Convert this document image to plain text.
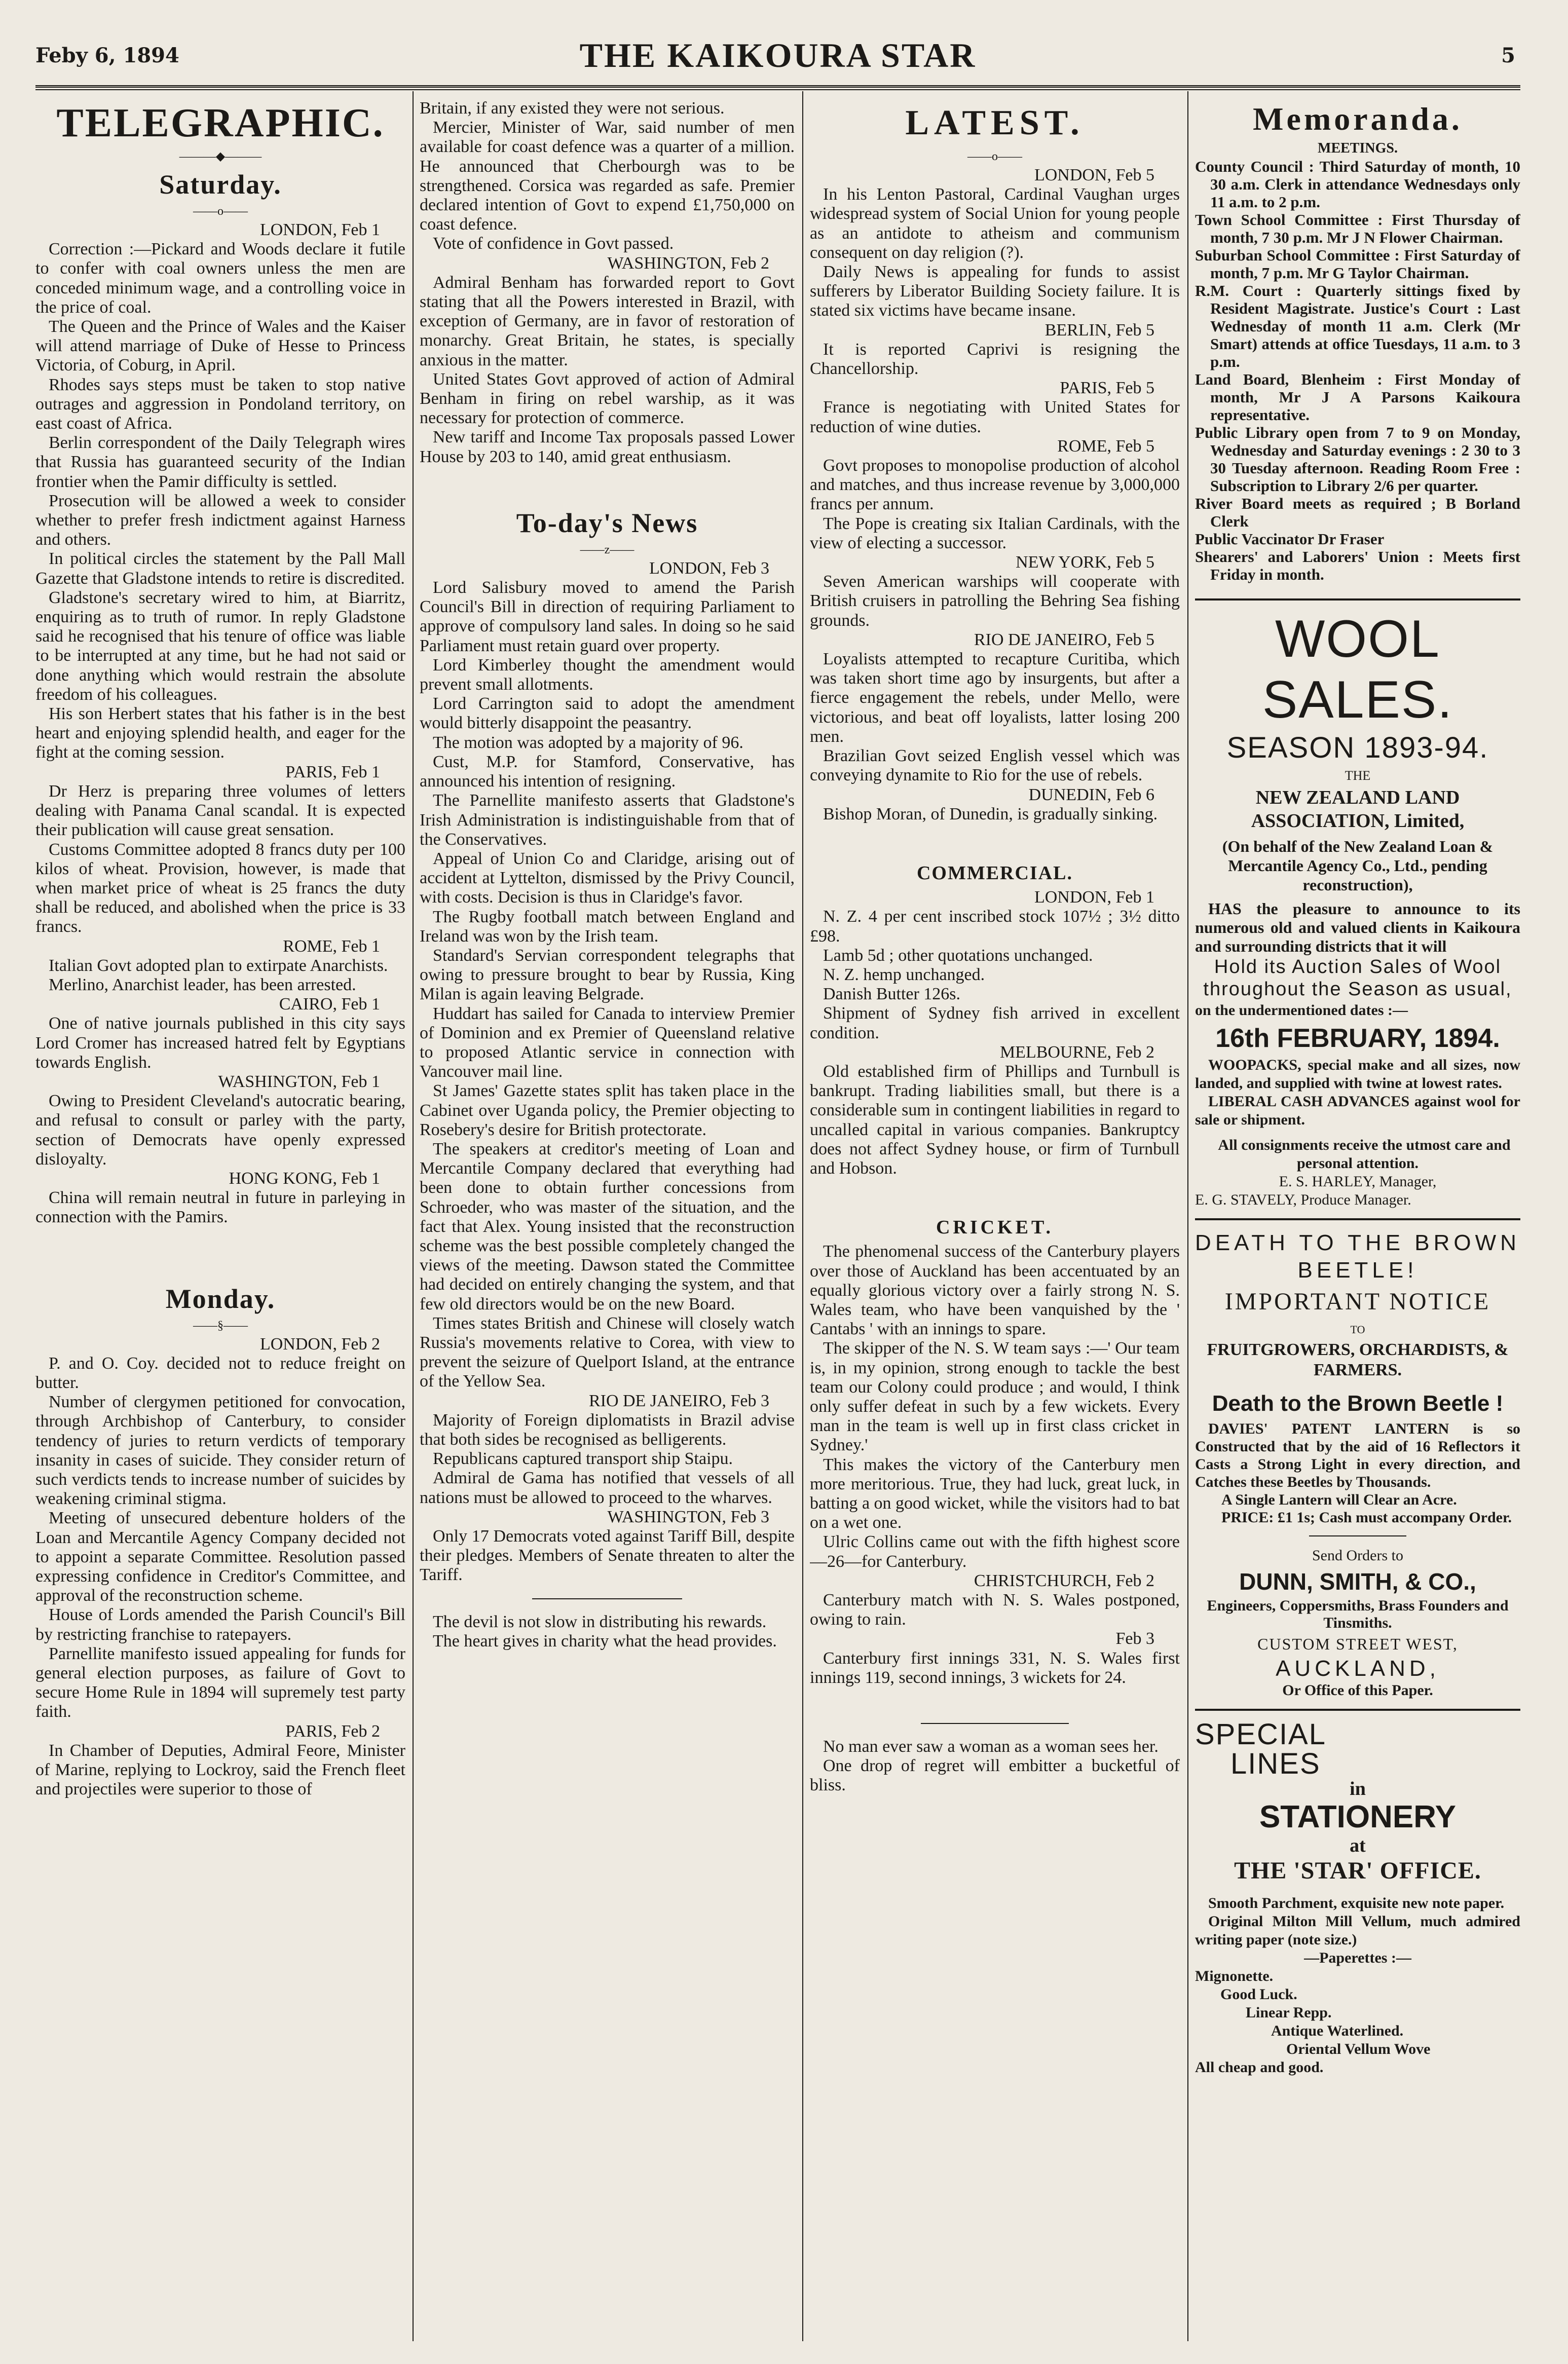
Feby 6, 1894	THE KAIKOURA STAR	5
TELEGRAPHIC.
———◆———
Saturday.
——o——

LONDON, Feb 1

Correction :—Pickard and Woods declare it futile to confer with coal owners unless the men are conceded minimum wage, and a controlling voice in the price of coal.

The Queen and the Prince of Wales and the Kaiser will attend marriage of Duke of Hesse to Princess Victoria, of Coburg, in April.

Rhodes says steps must be taken to stop native outrages and aggression in Pondoland territory, on east coast of Africa.

Berlin correspondent of the Daily Telegraph wires that Russia has guaranteed security of the Indian frontier when the Pamir difficulty is settled.

Prosecution will be allowed a week to consider whether to prefer fresh indictment against Harness and others.

In political circles the statement by the Pall Mall Gazette that Gladstone intends to retire is discredited.

Gladstone's secretary wired to him, at Biarritz, enquiring as to truth of rumor. In reply Gladstone said he recognised that his tenure of office was liable to be interrupted at any time, but he had not said or done anything which would restrain the absolute freedom of his colleagues.

His son Herbert states that his father is in the best heart and enjoying splendid health, and eager for the fight at the coming session.

PARIS, Feb 1

Dr Herz is preparing three volumes of letters dealing with Panama Canal scandal. It is expected their publication will cause great sensation.

Customs Committee adopted 8 francs duty per 100 kilos of wheat. Provision, however, is made that when market price of wheat is 25 francs the duty shall be reduced, and abolished when the price is 33 francs.

ROME, Feb 1

Italian Govt adopted plan to extirpate Anarchists.

Merlino, Anarchist leader, has been arrested.

CAIRO, Feb 1

One of native journals published in this city says Lord Cromer has increased hatred felt by Egyptians towards English.

WASHINGTON, Feb 1

Owing to President Cleveland's autocratic bearing, and refusal to consult or parley with the party, section of Democrats have openly expressed disloyalty.

HONG KONG, Feb 1

China will remain neutral in future in parleying in connection with the Pamirs.

Monday.
——§——

LONDON, Feb 2

P. and O. Coy. decided not to reduce freight on butter.

Number of clergymen petitioned for convocation, through Archbishop of Canterbury, to consider tendency of juries to return verdicts of temporary insanity in cases of suicide. They consider return of such verdicts tends to increase number of suicides by weakening criminal stigma.

Meeting of unsecured debenture holders of the Loan and Mercantile Agency Company decided not to appoint a separate Committee. Resolution passed expressing confidence in Creditor's Committee, and approval of the reconstruction scheme.

House of Lords amended the Parish Council's Bill by restricting franchise to ratepayers.

Parnellite manifesto issued appealing for funds for general election purposes, as failure of Govt to secure Home Rule in 1894 will supremely test party faith.

PARIS, Feb 2

In Chamber of Deputies, Admiral Feore, Minister of Marine, replying to Lockroy, said the French fleet and projectiles were superior to those of

Britain, if any existed they were not serious.

Mercier, Minister of War, said number of men available for coast defence was a quarter of a million. He announced that Cherbourgh was to be strengthened. Corsica was regarded as safe. Premier declared intention of Govt to expend £1,750,000 on coast defence.

Vote of confidence in Govt passed.

WASHINGTON, Feb 2

Admiral Benham has forwarded report to Govt stating that all the Powers interested in Brazil, with exception of Germany, are in favor of restoration of monarchy. Great Britain, he states, is specially anxious in the matter.

United States Govt approved of action of Admiral Benham in firing on rebel warship, as it was necessary for protection of commerce.

New tariff and Income Tax proposals passed Lower House by 203 to 140, amid great enthusiasm.

To-day's News
——z——

LONDON, Feb 3

Lord Salisbury moved to amend the Parish Council's Bill in direction of requiring Parliament to approve of compulsory land sales. In doing so he said Parliament must retain guard over property.

Lord Kimberley thought the amendment would prevent small allotments.

Lord Carrington said to adopt the amendment would bitterly disappoint the peasantry.

The motion was adopted by a majority of 96.

Cust, M.P. for Stamford, Conservative, has announced his intention of resigning.

The Parnellite manifesto asserts that Gladstone's Irish Administration is indistinguishable from that of the Conservatives.

Appeal of Union Co and Claridge, arising out of accident at Lyttelton, dismissed by the Privy Council, with costs. Decision is thus in Claridge's favor.

The Rugby football match between England and Ireland was won by the Irish team.

Standard's Servian correspondent telegraphs that owing to pressure brought to bear by Russia, King Milan is again leaving Belgrade.

Huddart has sailed for Canada to interview Premier of Dominion and ex Premier of Queensland relative to proposed Atlantic service in connection with Vancouver mail line.

St James' Gazette states split has taken place in the Cabinet over Uganda policy, the Premier objecting to Rosebery's desire for British protectorate.

The speakers at creditor's meeting of Loan and Mercantile Company declared that everything had been done to obtain further concessions from Schroeder, who was master of the situation, and the fact that Alex. Young insisted that the reconstruction scheme was the best possible completely changed the views of the meeting. Dawson stated the Committee had decided on entirely changing the system, and that few old directors would be on the new Board.

Times states British and Chinese will closely watch Russia's movements relative to Corea, with view to prevent the seizure of Quelport Island, at the entrance of the Yellow Sea.

RIO DE JANEIRO, Feb 3

Majority of Foreign diplomatists in Brazil advise that both sides be recognised as belligerents.

Republicans captured transport ship Staipu.

Admiral de Gama has notified that vessels of all nations must be allowed to proceed to the wharves.

WASHINGTON, Feb 3

Only 17 Democrats voted against Tariff Bill, despite their pledges. Members of Senate threaten to alter the Tariff.

The devil is not slow in distributing his rewards.

The heart gives in charity what the head provides.

LATEST.
——o——

LONDON, Feb 5

In his Lenton Pastoral, Cardinal Vaughan urges widespread system of Social Union for young people as an antidote to atheism and communism consequent on day religion (?).

Daily News is appealing for funds to assist sufferers by Liberator Building Society failure. It is stated six victims have became insane.

BERLIN, Feb 5

It is reported Caprivi is resigning the Chancellorship.

PARIS, Feb 5

France is negotiating with United States for reduction of wine duties.

ROME, Feb 5

Govt proposes to monopolise production of alcohol and matches, and thus increase revenue by 3,000,000 francs per annum.

The Pope is creating six Italian Cardinals, with the view of electing a successor.

NEW YORK, Feb 5

Seven American warships will cooperate with British cruisers in patrolling the Behring Sea fishing grounds.

RIO DE JANEIRO, Feb 5

Loyalists attempted to recapture Curitiba, which was taken short time ago by insurgents, but after a fierce engagement the rebels, under Mello, were victorious, and beat off loyalists, latter losing 200 men.

Brazilian Govt seized English vessel which was conveying dynamite to Rio for the use of rebels.

DUNEDIN, Feb 6

Bishop Moran, of Dunedin, is gradually sinking.

COMMERCIAL.

LONDON, Feb 1

N. Z. 4 per cent inscribed stock 107½ ; 3½ ditto £98.

Lamb 5d ; other quotations unchanged.

N. Z. hemp unchanged.

Danish Butter 126s.

Shipment of Sydney fish arrived in excellent condition.

MELBOURNE, Feb 2

Old established firm of Phillips and Turnbull is bankrupt. Trading liabilities small, but there is a considerable sum in contingent liabilities in regard to uncalled capital in various companies. Bankruptcy does not affect Sydney house, or firm of Turnbull and Hobson.

CRICKET.

The phenomenal success of the Canterbury players over those of Auckland has been accentuated by an equally glorious victory over a fairly strong N. S. Wales team, who have been vanquished by the ' Cantabs ' with an innings to spare.

The skipper of the N. S. W team says :—' Our team is, in my opinion, strong enough to tackle the best team our Colony could produce ; and would, I think only suffer defeat in such by a few wickets. Every man in the team is well up in first class cricket in Sydney.'

This makes the victory of the Canterbury men more meritorious. True, they had luck, great luck, in batting a on good wicket, while the visitors had to bat on a wet one.

Ulric Collins came out with the fifth highest score—26—for Canterbury.

CHRISTCHURCH, Feb 2

Canterbury match with N. S. Wales postponed, owing to rain.

Feb 3

Canterbury first innings 331, N. S. Wales first innings 119, second innings, 3 wickets for 24.

No man ever saw a woman as a woman sees her.

One drop of regret will embitter a bucketful of bliss.

Memoranda.
MEETINGS.

County Council : Third Saturday of month, 10 30 a.m. Clerk in attendance Wednesdays only 11 a.m. to 2 p.m.

Town School Committee : First Thursday of month, 7 30 p.m. Mr J N Flower Chairman.

Suburban School Committee : First Saturday of month, 7 p.m. Mr G Taylor Chairman.

R.M. Court : Quarterly sittings fixed by Resident Magistrate. Justice's Court : Last Wednesday of month 11 a.m. Clerk (Mr Smart) attends at office Tuesdays, 11 a.m. to 3 p.m.

Land Board, Blenheim : First Monday of month, Mr J A Parsons Kaikoura representative.

Public Library open from 7 to 9 on Monday, Wednesday and Saturday evenings : 2 30 to 3 30 Tuesday afternoon. Reading Room Free : Subscription to Library 2/6 per quarter.

River Board meets as required ; B Borland Clerk

Public Vaccinator Dr Fraser

Shearers' and Laborers' Union : Meets first Friday in month.

WOOL SALES.
SEASON 1893-94.
THE
NEW ZEALAND LAND ASSOCIATION, Limited,
(On behalf of the New Zealand Loan & Mercantile Agency Co., Ltd., pending reconstruction),

HAS the pleasure to announce to its numerous old and valued clients in Kaikoura and surrounding districts that it will

Hold its Auction Sales of Wool throughout the Season as usual,
on the undermentioned dates :—
16th FEBRUARY, 1894.

WOOPACKS, special make and all sizes, now landed, and supplied with twine at lowest rates.

LIBERAL CASH ADVANCES against wool for sale or shipment.

All consignments receive the utmost care and personal attention.

E. S. HARLEY, Manager,
E. G. STAVELY, Produce Manager.
DEATH TO THE BROWN BEETLE!
IMPORTANT NOTICE
TO
FRUITGROWERS, ORCHARDISTS, & FARMERS.
Death to the Brown Beetle !

DAVIES' PATENT LANTERN is so Constructed that by the aid of 16 Reflectors it Casts a Strong Light in every direction, and Catches these Beetles by Thousands.

A Single Lantern will Clear an Acre.

PRICE: £1 1s; Cash must accompany Order.

Send Orders to
DUNN, SMITH, & CO.,
Engineers, Coppersmiths, Brass Founders and Tinsmiths.
CUSTOM STREET WEST,
AUCKLAND,
Or Office of this Paper.
SPECIAL
LINES
in
STATIONERY
at
THE 'STAR' OFFICE.

Smooth Parchment, exquisite new note paper.

Original Milton Mill Vellum, much admired writing paper (note size.)

—Paperettes :—
Mignonette.
Good Luck.
Linear Repp.
Antique Waterlined.
Oriental Vellum Wove
All cheap and good.
